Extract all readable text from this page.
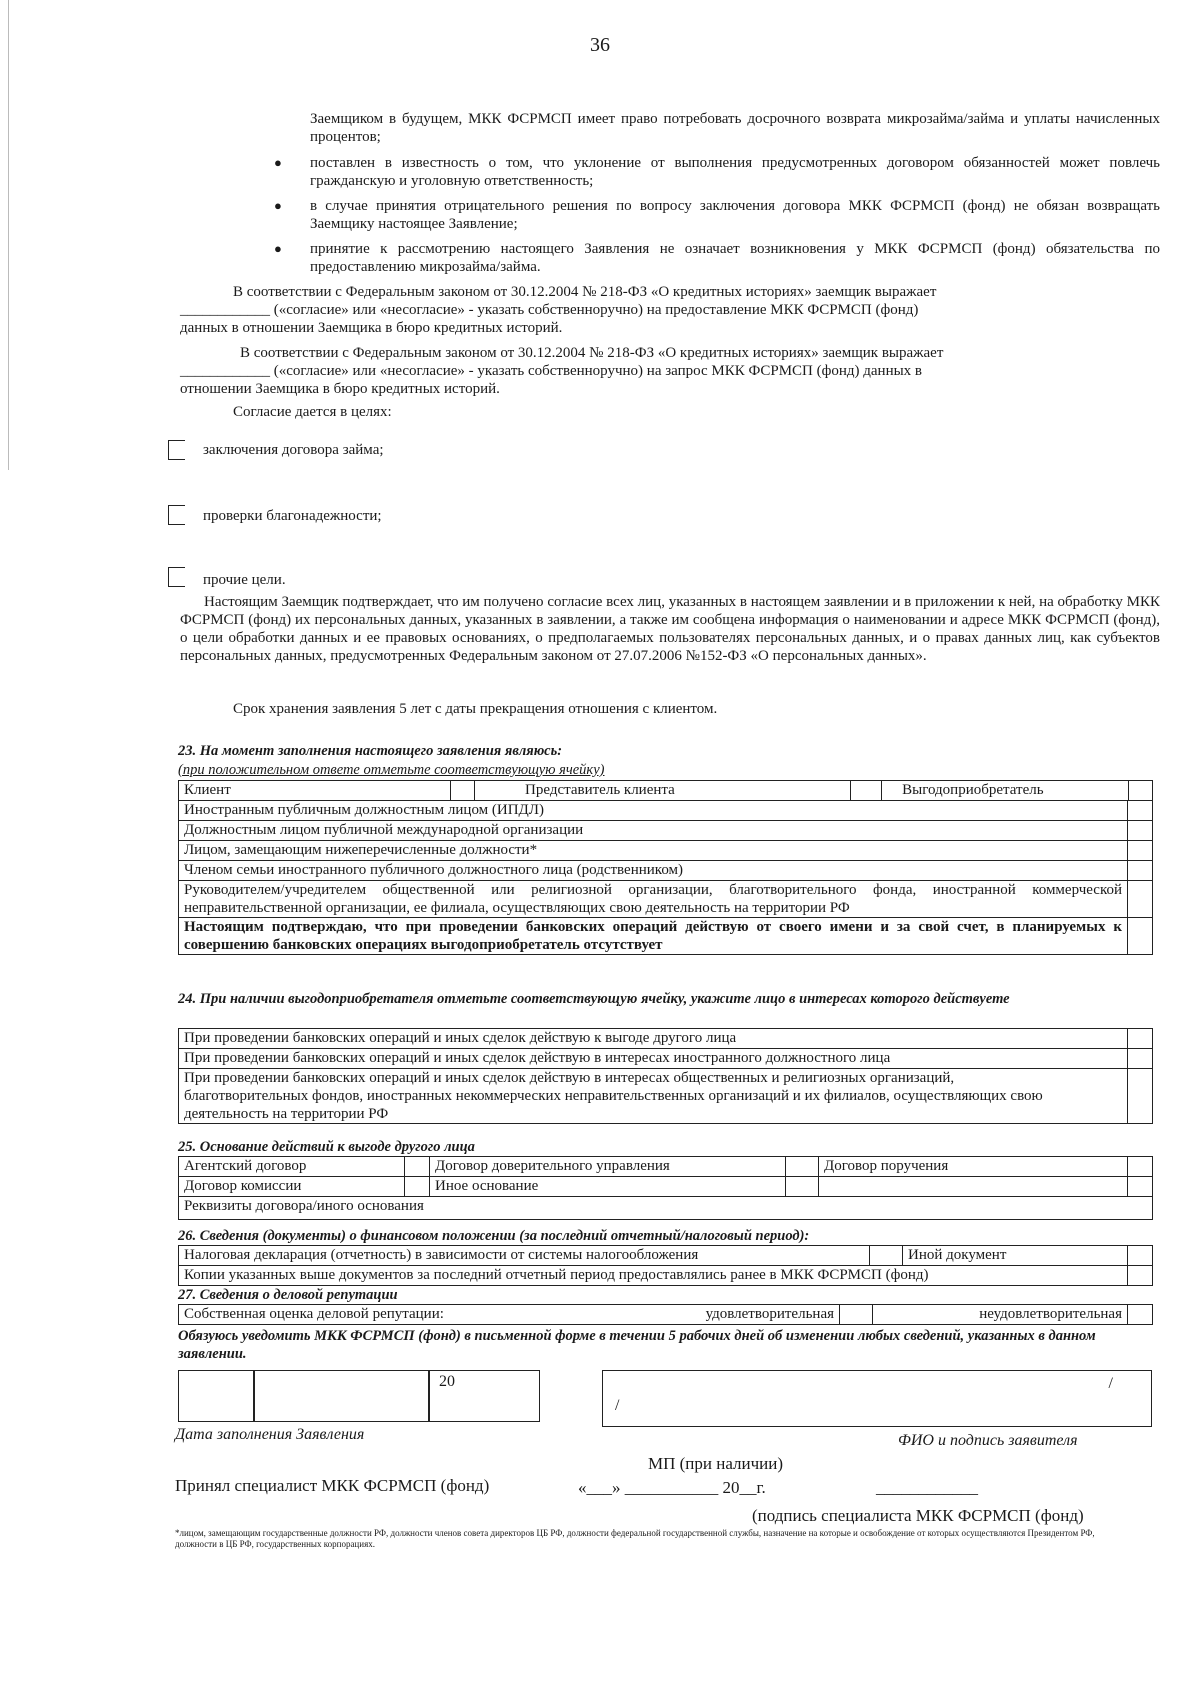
36
Заемщиком в будущем, МКК ФСРМСП имеет право потребовать досрочного возврата микрозайма/займа и уплаты начисленных процентов;
● поставлен в известность о том, что уклонение от выполнения предусмотренных договором обязанностей может повлечь гражданскую и уголовную ответственность;
● в случае принятия отрицательного решения по вопросу заключения договора МКК ФСРМСП (фонд) не обязан возвращать Заемщику настоящее Заявление;
● принятие к рассмотрению настоящего Заявления не означает возникновения у МКК ФСРМСП (фонд) обязательства по предоставлению микрозайма/займа.
В соответствии с Федеральным законом от 30.12.2004 № 218-ФЗ «О кредитных историях» заемщик выражает
____________ («согласие» или «несогласие» - указать собственноручно) на предоставление МКК ФСРМСП (фонд)
данных в отношении Заемщика в бюро кредитных историй.
В соответствии с Федеральным законом от 30.12.2004 № 218-ФЗ «О кредитных историях» заемщик выражает
____________ («согласие» или «несогласие» - указать собственноручно) на запрос МКК ФСРМСП (фонд) данных в
отношении Заемщика в бюро кредитных историй.
Согласие дается в целях:
заключения договора займа;
проверки благонадежности;
прочие цели.
Настоящим Заемщик подтверждает, что им получено согласие всех лиц, указанных в настоящем заявлении и в приложении к ней, на обработку МКК ФСРМСП (фонд) их персональных данных, указанных в заявлении, а также им сообщена информация о наименовании и адресе МКК ФСРМСП (фонд), о цели обработки данных и ее правовых основаниях, о предполагаемых пользователях персональных данных, и о правах данных лиц, как субъектов персональных данных, предусмотренных Федеральным законом от 27.07.2006 №152-ФЗ «О персональных данных».
Срок хранения заявления 5 лет с даты прекращения отношения с клиентом.
23. На момент заполнения настоящего заявления являюсь:
(при положительном ответе отметьте соответствующую ячейку)
Клиент		Представитель клиента		Выгодоприобретатель	
Иностранным публичным должностным лицом (ИПДЛ)	
Должностным лицом публичной международной организации	
Лицом, замещающим нижеперечисленные должности*	
Членом семьи иностранного публичного должностного лица (родственником)	
Руководителем/учредителем общественной или религиозной организации, благотворительного фонда, иностранной коммерческой неправительственной организации, ее филиала, осуществляющих свою деятельность на территории РФ	
Настоящим подтверждаю, что при проведении банковских операций действую от своего имени и за свой счет, в планируемых к совершению банковских операциях выгодоприобретатель отсутствует	
24. При наличии выгодоприобретателя отметьте соответствующую ячейку, укажите лицо в интересах которого действуете
При проведении банковских операций и иных сделок действую к выгоде другого лица	
При проведении банковских операций и иных сделок действую в интересах иностранного должностного лица	
При проведении банковских операций и иных сделок действую в интересах общественных и религиозных организаций, благотворительных фондов, иностранных некоммерческих неправительственных организаций и их филиалов, осуществляющих свою деятельность на территории РФ	
25. Основание действий к выгоде другого лица
Агентский договор		Договор доверительного управления		Договор поручения	
Договор комиссии		Иное основание			
Реквизиты договора/иного основания					
26. Сведения (документы) о финансовом положении (за последний отчетный/налоговый период):
Налоговая декларация (отчетность) в зависимости от системы налогообложения		Иной документ	
Копии указанных выше документов за последний отчетный период предоставлялись ранее в МКК ФСРМСП (фонд)			
27. Сведения о деловой репутации
Собственная оценка деловой репутации:	удовлетворительная		неудовлетворительная	
Обязуюсь уведомить МКК ФСРМСП (фонд) в письменной форме в течении 5 рабочих дней об изменении любых сведений, указанных в данном заявлении.
20	/
/
Дата заполнения Заявления	ФИО и подпись заявителя
МП (при наличии)
Принял специалист МКК ФСРМСП (фонд)	«___» ___________ 20__г.	____________
(подпись специалиста МКК ФСРМСП (фонд)
*лицом, замещающим государственные должности РФ, должности членов совета директоров ЦБ РФ, должности федеральной государственной службы, назначение на которые и освобождение от которых осуществляются Президентом РФ, должности в ЦБ РФ, государственных корпорациях.
